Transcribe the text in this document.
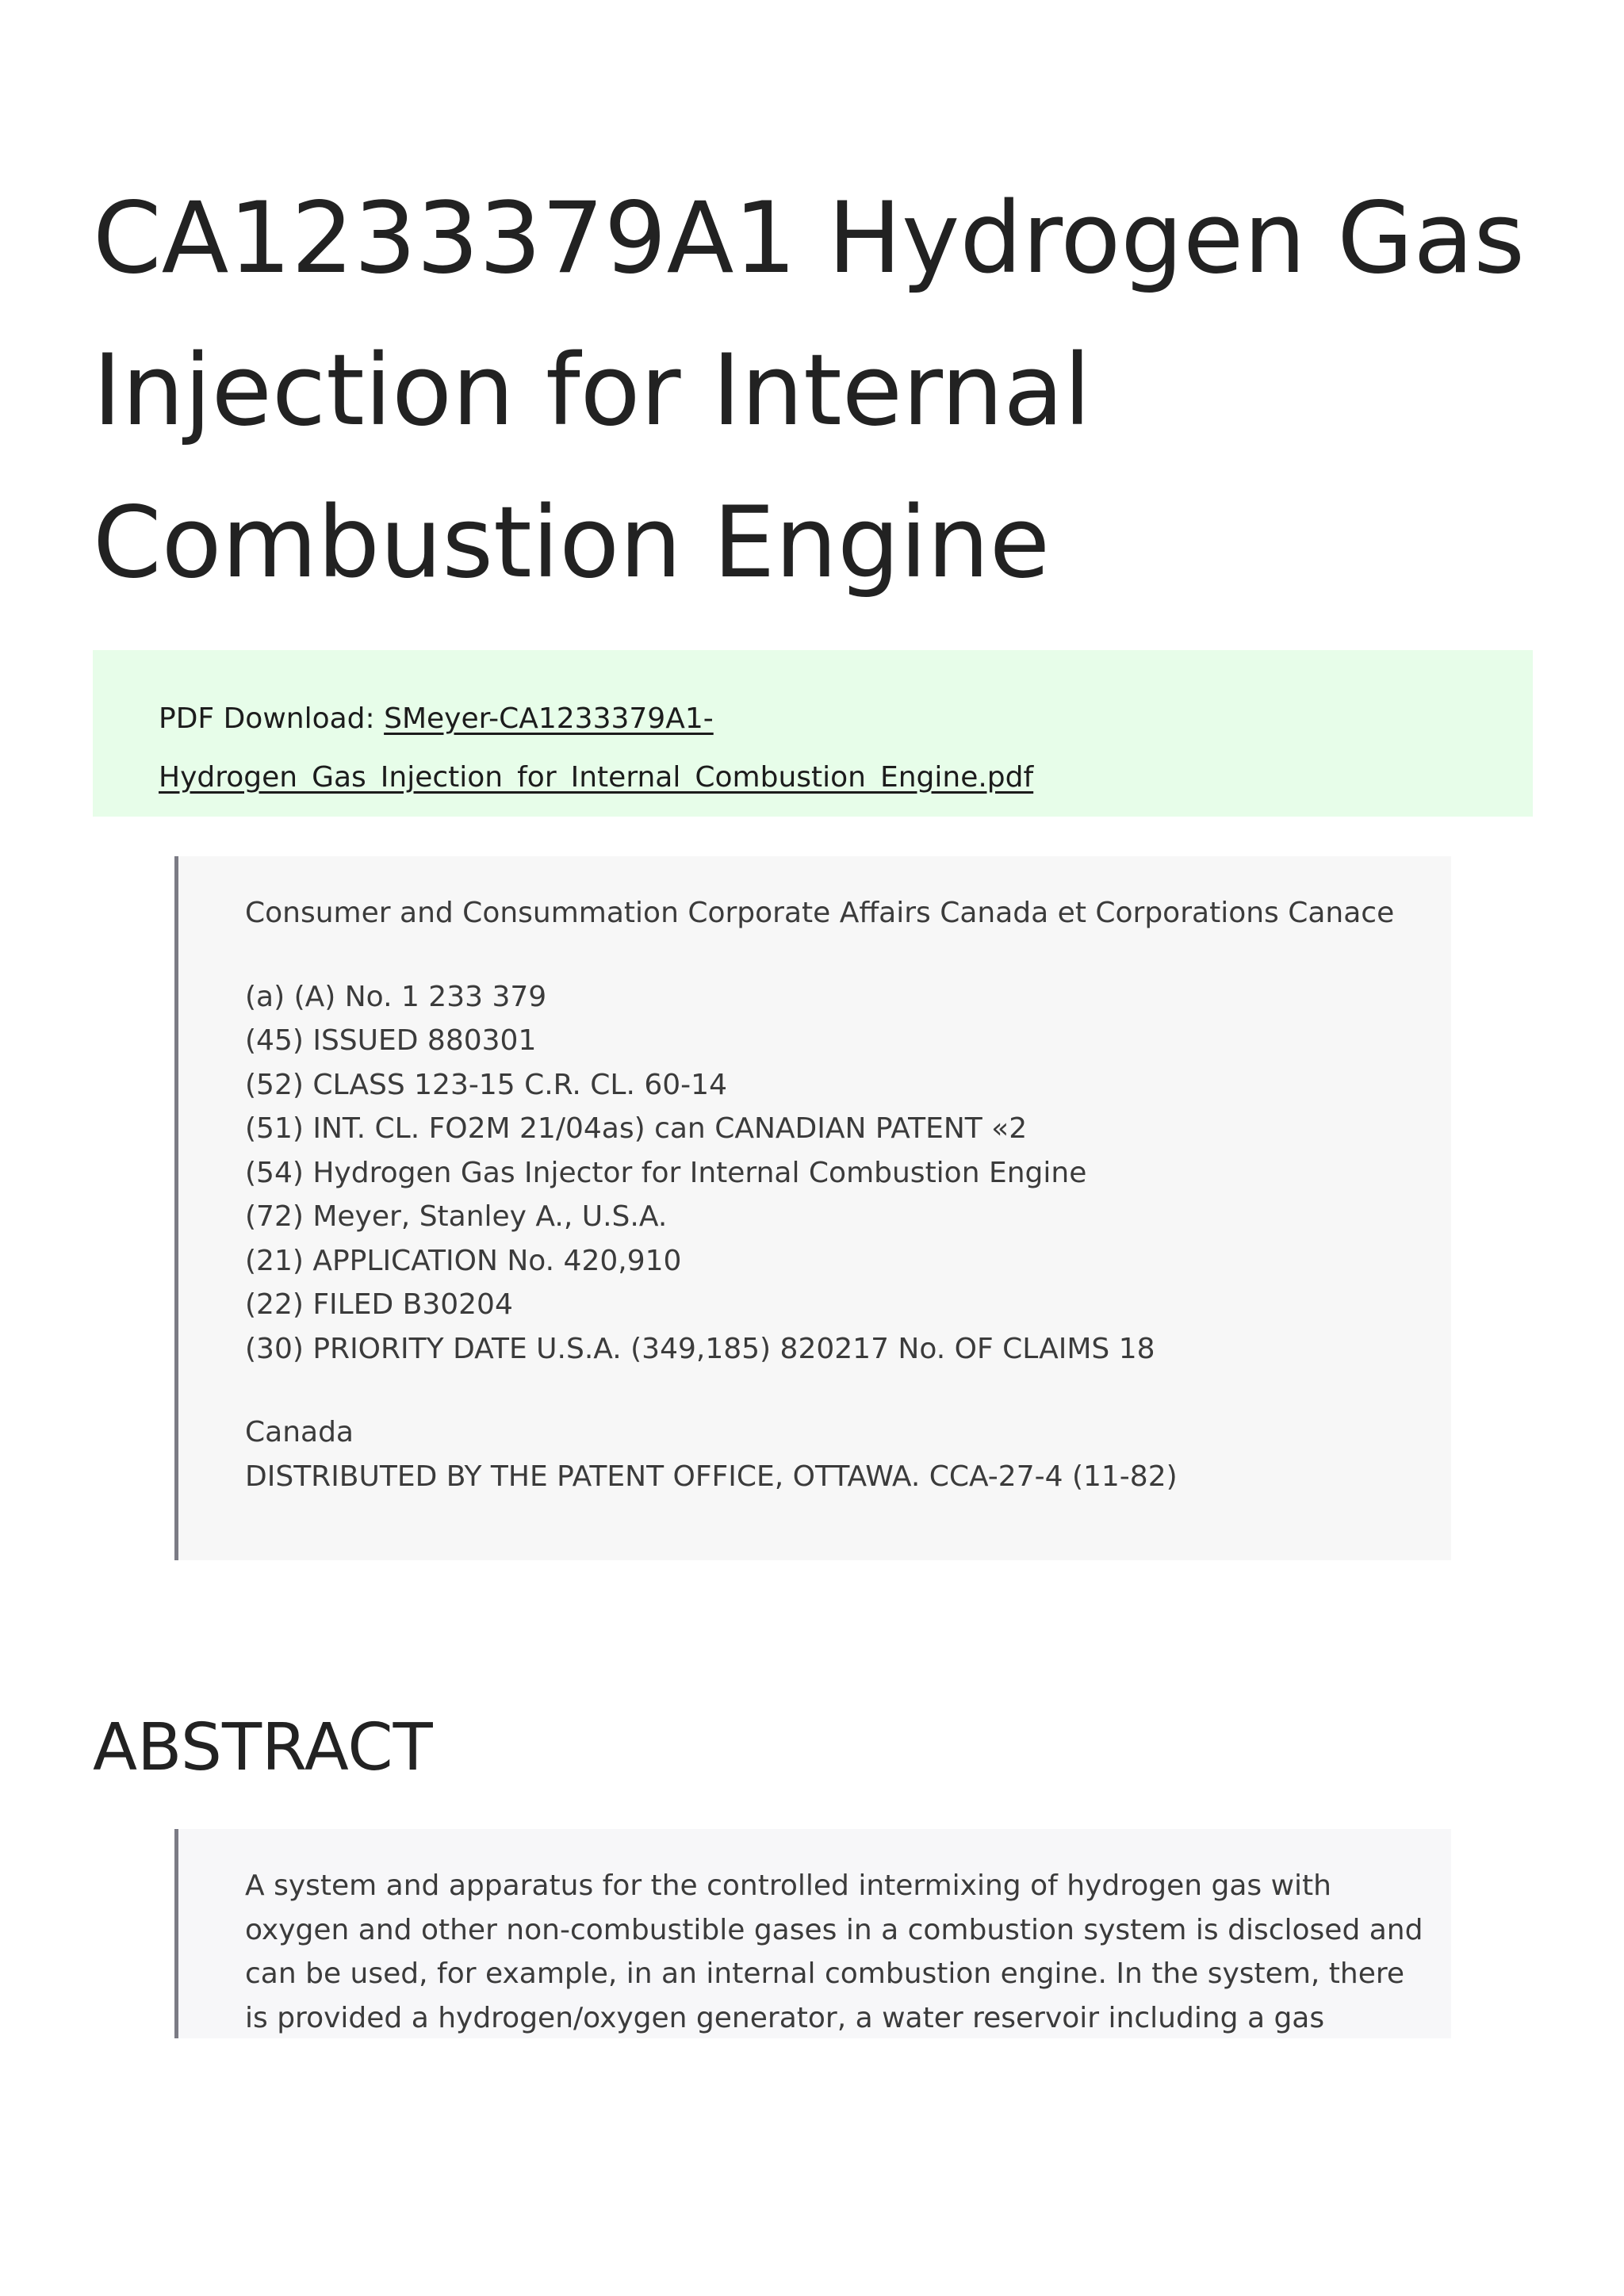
CA1233379A1 Hydrogen Gas Injection for Internal Combustion Engine
PDF Download: SMeyer-CA1233379A1-
Hydrogen_Gas_Injection_for_Internal_Combustion_Engine.pdf

Consumer and Consummation Corporate Affairs Canada et Corporations Canace

(a) (A) No. 1 233 379
(45) ISSUED 880301
(52) CLASS 123-15 C.R. CL. 60-14
(51) INT. CL. FO2M 21/04as) can CANADIAN PATENT «2
(54) Hydrogen Gas Injector for Internal Combustion Engine
(72) Meyer, Stanley A., U.S.A.
(21) APPLICATION No. 420,910
(22) FILED B30204
(30) PRIORITY DATE U.S.A. (349,185) 820217 No. OF CLAIMS 18
Canada
DISTRIBUTED BY THE PATENT OFFICE, OTTAWA. CCA-27-4 (11-82)
ABSTRACT

A system and apparatus for the controlled intermixing of hydrogen gas with oxygen and other non-combustible gases in a combustion system is disclosed and can be used, for example, in an internal combustion engine. In the system, there is provided a hydrogen/oxygen generator, a water reservoir including a gas
